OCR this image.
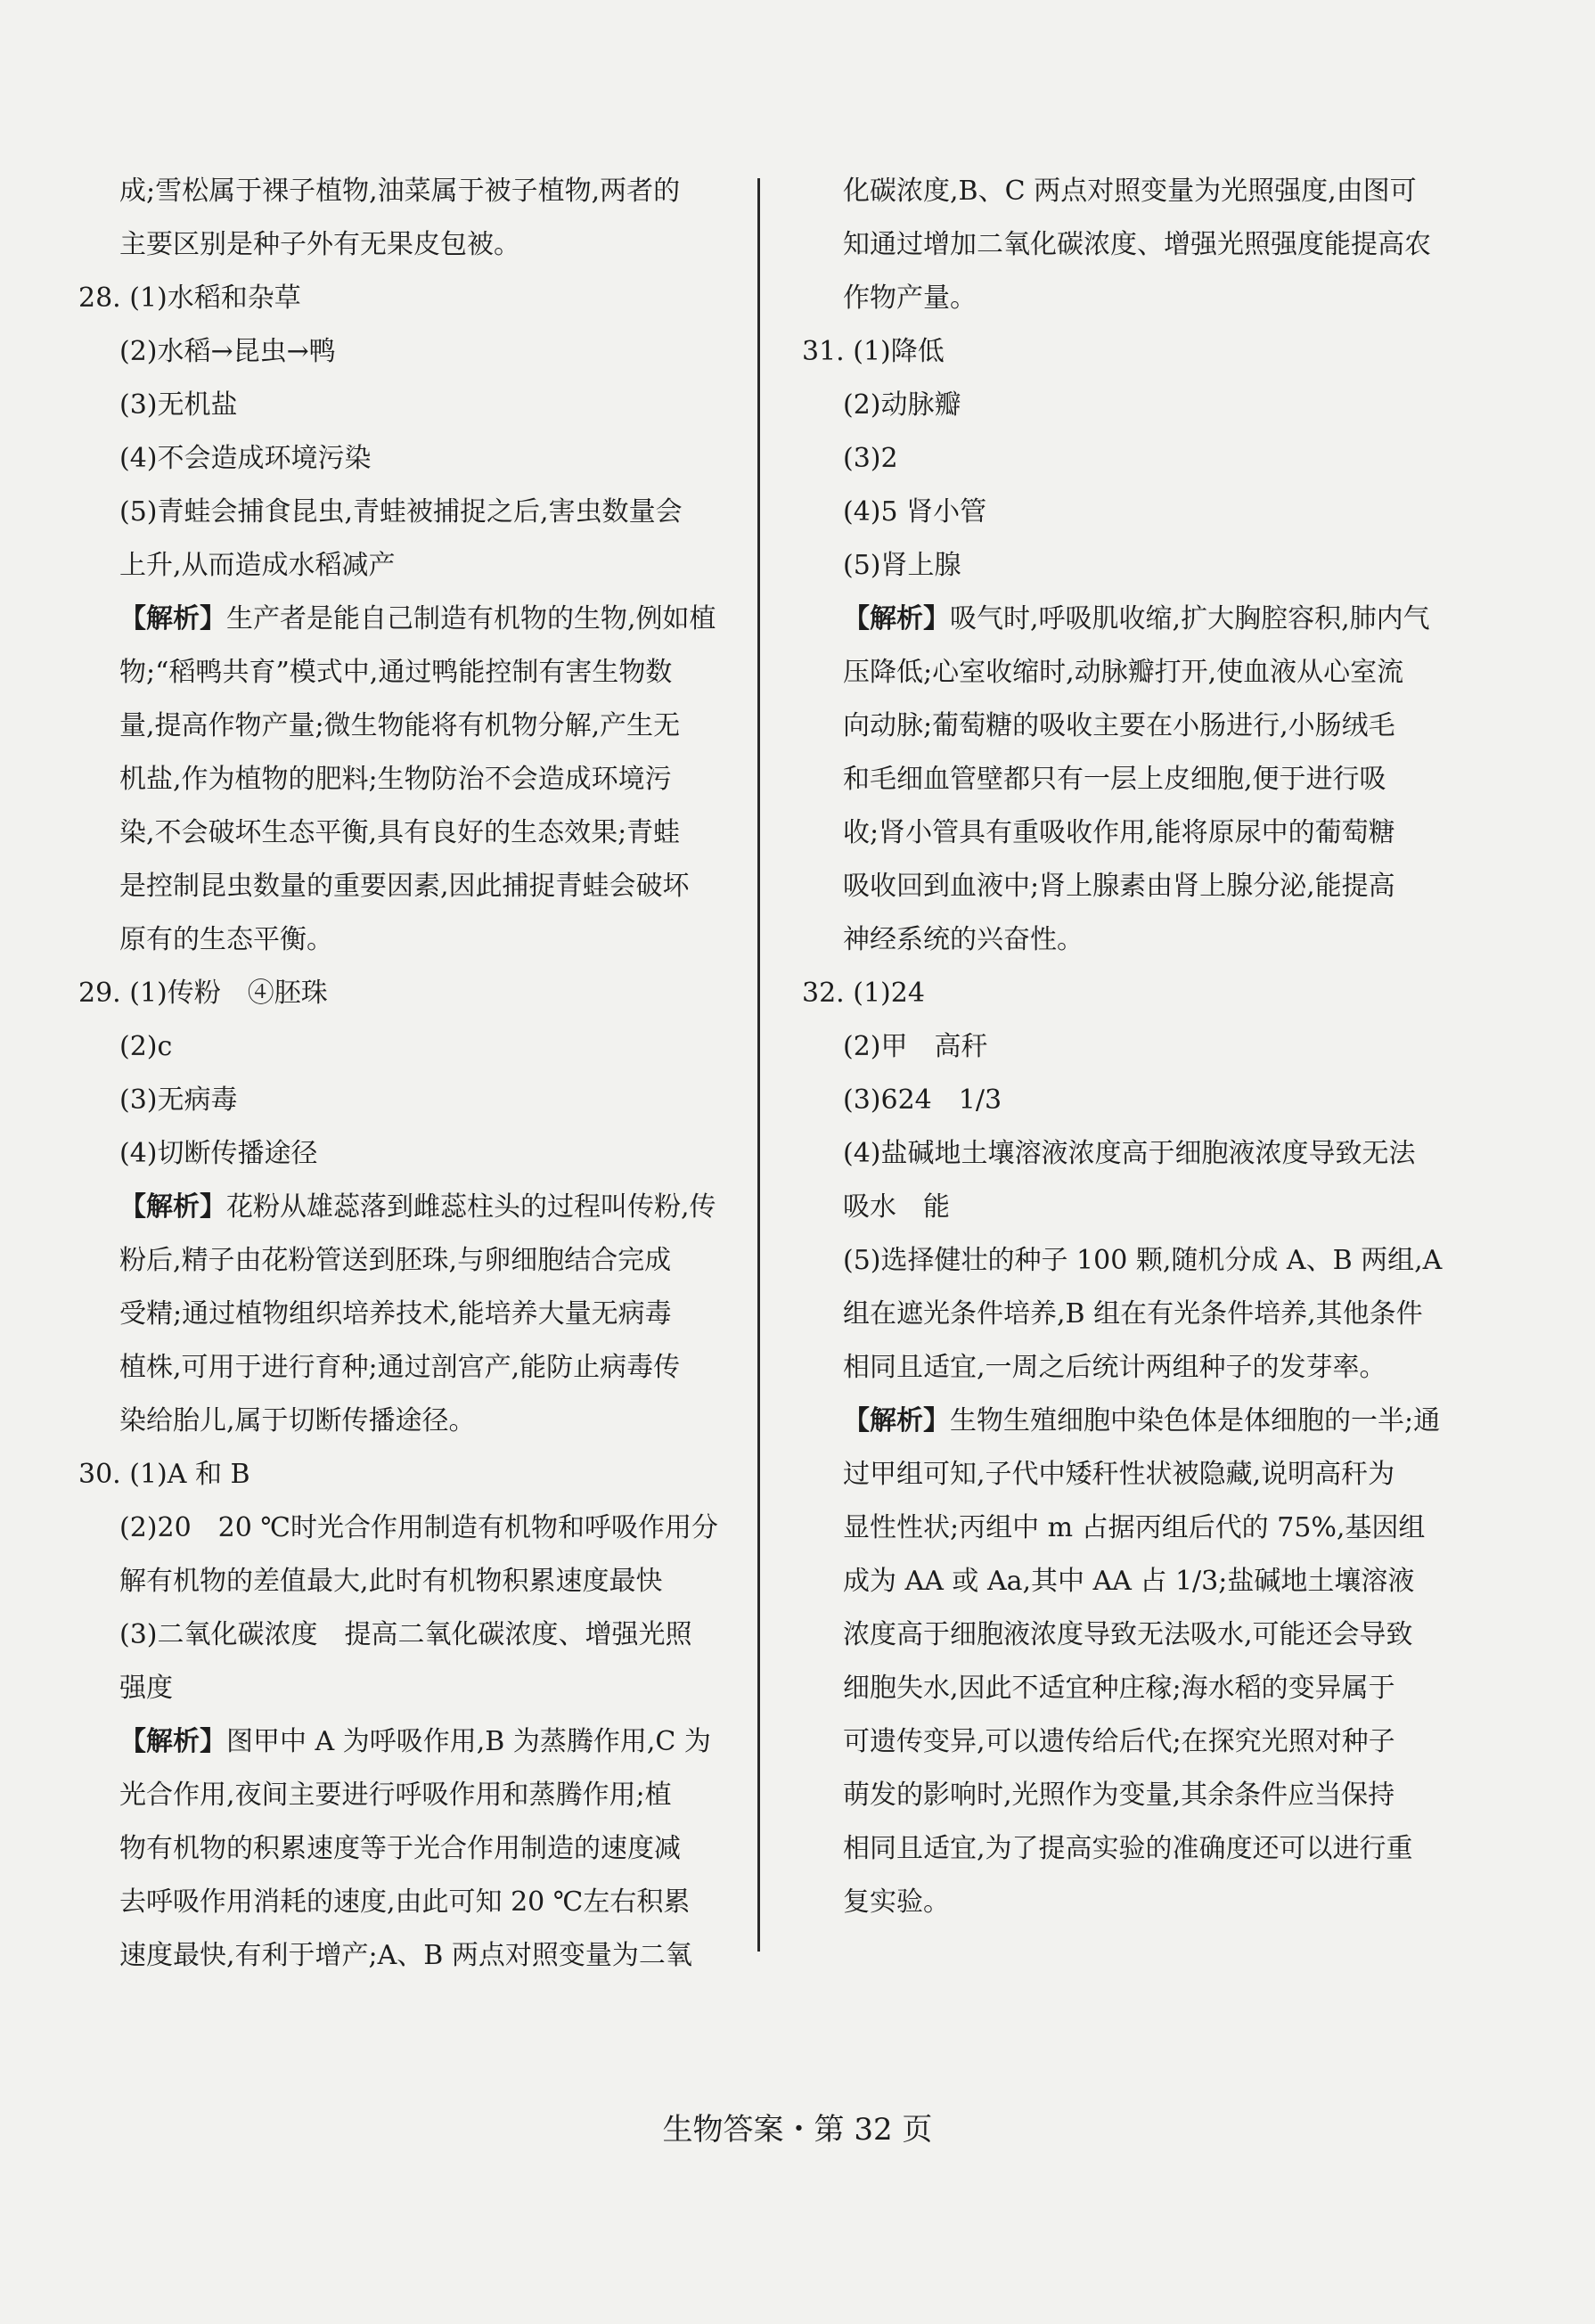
成;雪松属于裸子植物,油菜属于被子植物,两者的
主要区别是种子外有无果皮包被。
28. (1)水稻和杂草
(2)水稻→昆虫→鸭
(3)无机盐
(4)不会造成环境污染
(5)青蛙会捕食昆虫,青蛙被捕捉之后,害虫数量会
上升,从而造成水稻减产
【解析】生产者是能自己制造有机物的生物,例如植
物;“稻鸭共育”模式中,通过鸭能控制有害生物数
量,提高作物产量;微生物能将有机物分解,产生无
机盐,作为植物的肥料;生物防治不会造成环境污
染,不会破坏生态平衡,具有良好的生态效果;青蛙
是控制昆虫数量的重要因素,因此捕捉青蛙会破坏
原有的生态平衡。
29. (1)传粉　④胚珠
(2)c
(3)无病毒
(4)切断传播途径
【解析】花粉从雄蕊落到雌蕊柱头的过程叫传粉,传
粉后,精子由花粉管送到胚珠,与卵细胞结合完成
受精;通过植物组织培养技术,能培养大量无病毒
植株,可用于进行育种;通过剖宫产,能防止病毒传
染给胎儿,属于切断传播途径。
30. (1)A 和 B
(2)20　20 ℃时光合作用制造有机物和呼吸作用分
解有机物的差值最大,此时有机物积累速度最快
(3)二氧化碳浓度　提高二氧化碳浓度、增强光照
强度
【解析】图甲中 A 为呼吸作用,B 为蒸腾作用,C 为
光合作用,夜间主要进行呼吸作用和蒸腾作用;植
物有机物的积累速度等于光合作用制造的速度减
去呼吸作用消耗的速度,由此可知 20 ℃左右积累
速度最快,有利于增产;A、B 两点对照变量为二氧
化碳浓度,B、C 两点对照变量为光照强度,由图可
知通过增加二氧化碳浓度、增强光照强度能提高农
作物产量。
31. (1)降低
(2)动脉瓣
(3)2
(4)5 肾小管
(5)肾上腺
【解析】吸气时,呼吸肌收缩,扩大胸腔容积,肺内气
压降低;心室收缩时,动脉瓣打开,使血液从心室流
向动脉;葡萄糖的吸收主要在小肠进行,小肠绒毛
和毛细血管壁都只有一层上皮细胞,便于进行吸
收;肾小管具有重吸收作用,能将原尿中的葡萄糖
吸收回到血液中;肾上腺素由肾上腺分泌,能提高
神经系统的兴奋性。
32. (1)24
(2)甲　高秆
(3)624　1/3
(4)盐碱地土壤溶液浓度高于细胞液浓度导致无法
吸水　能
(5)选择健壮的种子 100 颗,随机分成 A、B 两组,A
组在遮光条件培养,B 组在有光条件培养,其他条件
相同且适宜,一周之后统计两组种子的发芽率。
【解析】生物生殖细胞中染色体是体细胞的一半;通
过甲组可知,子代中矮秆性状被隐藏,说明高秆为
显性性状;丙组中 m 占据丙组后代的 75%,基因组
成为 AA 或 Aa,其中 AA 占 1/3;盐碱地土壤溶液
浓度高于细胞液浓度导致无法吸水,可能还会导致
细胞失水,因此不适宜种庄稼;海水稻的变异属于
可遗传变异,可以遗传给后代;在探究光照对种子
萌发的影响时,光照作为变量,其余条件应当保持
相同且适宜,为了提高实验的准确度还可以进行重
复实验。
生物答案・第 32 页
